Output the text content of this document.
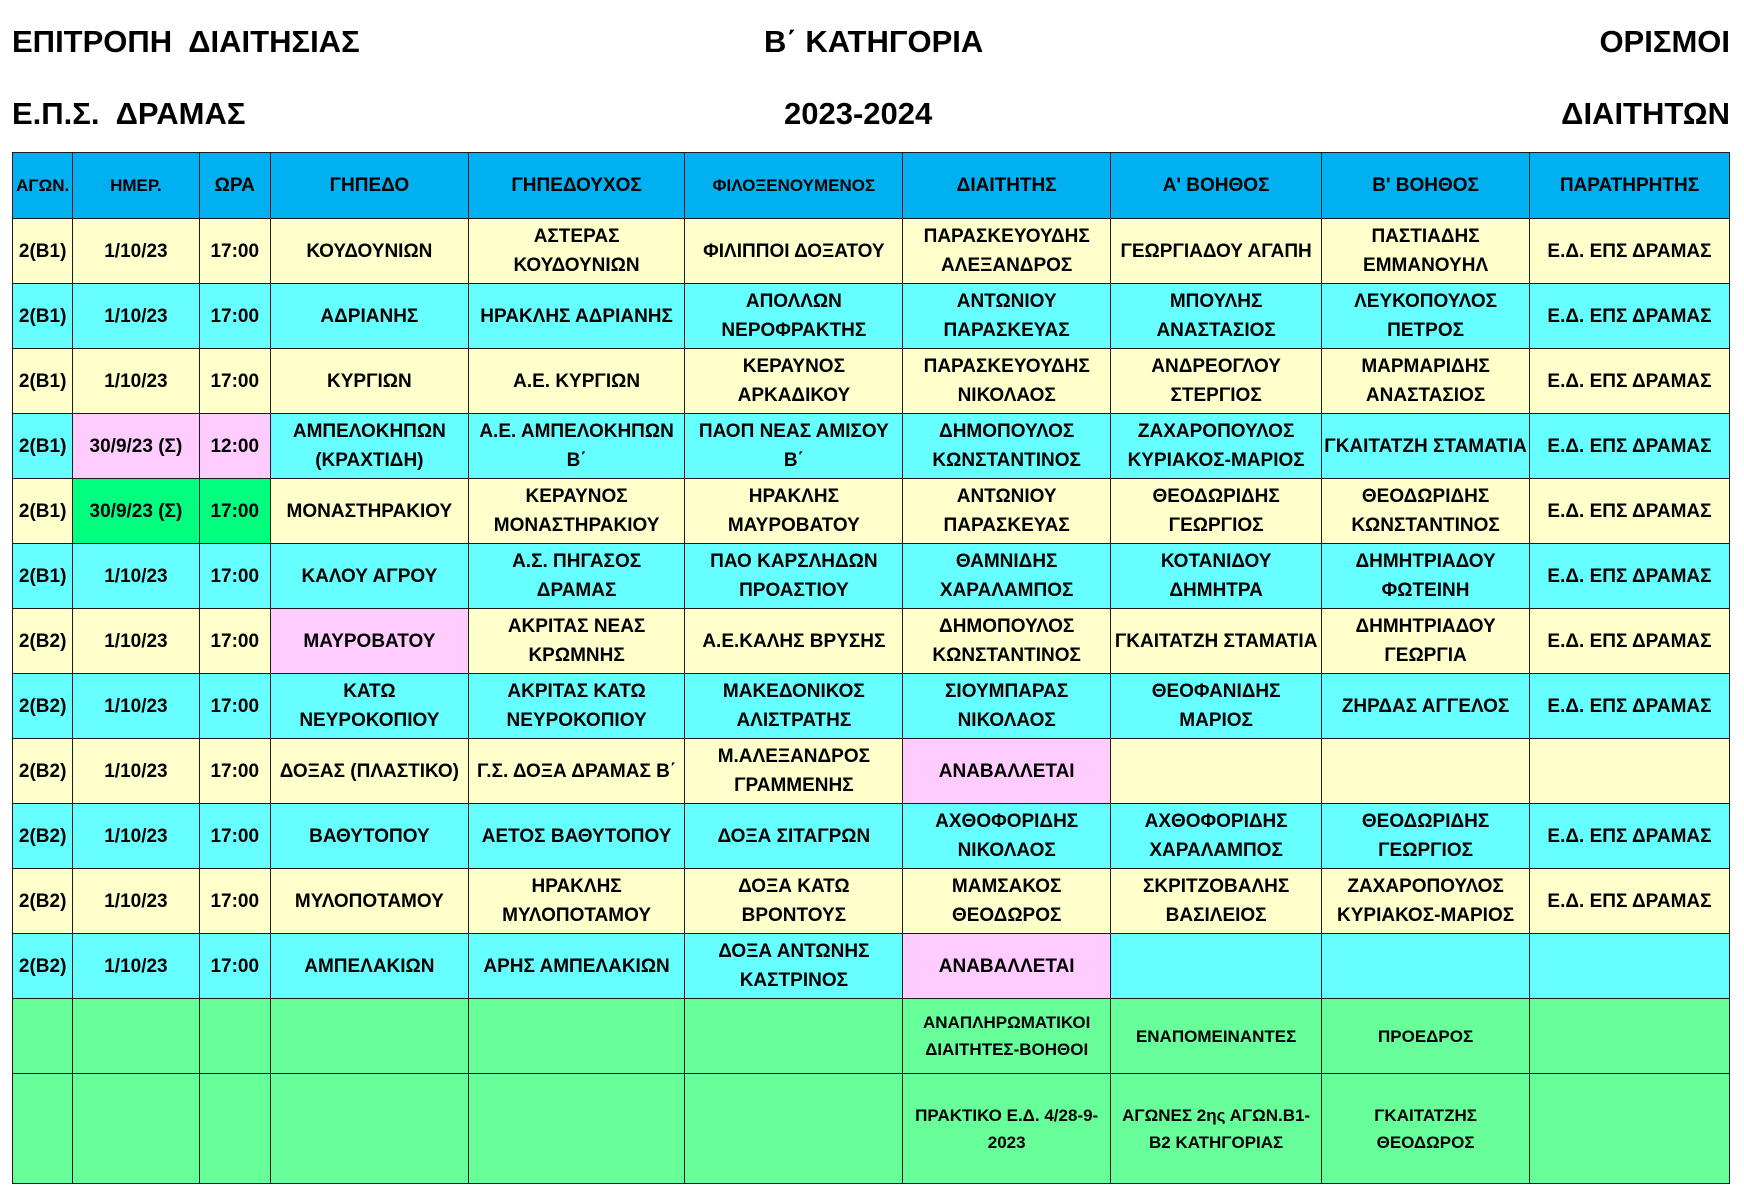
ΕΠΙΤΡΟΠΗ  ΔΙΑΙΤΗΣΙΑΣ
Ε.Π.Σ.  ΔΡΑΜΑΣ
Β΄ ΚΑΤΗΓΟΡΙΑ
2023-2024
ΟΡΙΣΜΟΙ
ΔΙΑΙΤΗΤΩΝ
ΑΓΩΝ.	ΗΜΕΡ.	ΩΡΑ	ΓΗΠΕΔΟ	ΓΗΠΕΔΟΥΧΟΣ	ΦΙΛΟΞΕΝΟΥΜΕΝΟΣ	ΔΙΑΙΤΗΤΗΣ	Α' ΒΟΗΘΟΣ	Β' ΒΟΗΘΟΣ	ΠΑΡΑΤΗΡΗΤΗΣ
2(Β1)	1/10/23	17:00	ΚΟΥΔΟΥΝΙΩΝ	ΑΣΤΕΡΑΣ ΚΟΥΔΟΥΝΙΩΝ	ΦΙΛΙΠΠΟΙ ΔΟΞΑΤΟΥ	ΠΑΡΑΣΚΕΥΟΥΔΗΣ ΑΛΕΞΑΝΔΡΟΣ	ΓΕΩΡΓΙΑΔΟΥ ΑΓΑΠΗ	ΠΑΣΤΙΑΔΗΣ ΕΜΜΑΝΟΥΗΛ	Ε.Δ. ΕΠΣ ΔΡΑΜΑΣ
2(Β1)	1/10/23	17:00	ΑΔΡΙΑΝΗΣ	ΗΡΑΚΛΗΣ ΑΔΡΙΑΝΗΣ	ΑΠΟΛΛΩΝ ΝΕΡΟΦΡΑΚΤΗΣ	ΑΝΤΩΝΙΟΥ ΠΑΡΑΣΚΕΥΑΣ	ΜΠΟΥΛΗΣ ΑΝΑΣΤΑΣΙΟΣ	ΛΕΥΚΟΠΟΥΛΟΣ ΠΕΤΡΟΣ	Ε.Δ. ΕΠΣ ΔΡΑΜΑΣ
2(Β1)	1/10/23	17:00	ΚΥΡΓΙΩΝ	Α.Ε. ΚΥΡΓΙΩΝ	ΚΕΡΑΥΝΟΣ ΑΡΚΑΔΙΚΟΥ	ΠΑΡΑΣΚΕΥΟΥΔΗΣ ΝΙΚΟΛΑΟΣ	ΑΝΔΡΕΟΓΛΟΥ ΣΤΕΡΓΙΟΣ	ΜΑΡΜΑΡΙΔΗΣ ΑΝΑΣΤΑΣΙΟΣ	Ε.Δ. ΕΠΣ ΔΡΑΜΑΣ
2(Β1)	30/9/23 (Σ)	12:00	ΑΜΠΕΛΟΚΗΠΩΝ (ΚΡΑΧΤΙΔΗ)	Α.Ε. ΑΜΠΕΛΟΚΗΠΩΝ Β΄	ΠΑΟΠ ΝΕΑΣ ΑΜΙΣΟΥ Β΄	ΔΗΜΟΠΟΥΛΟΣ ΚΩΝΣΤΑΝΤΙΝΟΣ	ΖΑΧΑΡΟΠΟΥΛΟΣ ΚΥΡΙΑΚΟΣ-ΜΑΡΙΟΣ	ΓΚΑΙΤΑΤΖΗ ΣΤΑΜΑΤΙΑ	Ε.Δ. ΕΠΣ ΔΡΑΜΑΣ
2(Β1)	30/9/23 (Σ)	17:00	ΜΟΝΑΣΤΗΡΑΚΙΟΥ	ΚΕΡΑΥΝΟΣ ΜΟΝΑΣΤΗΡΑΚΙΟΥ	ΗΡΑΚΛΗΣ ΜΑΥΡΟΒΑΤΟΥ	ΑΝΤΩΝΙΟΥ ΠΑΡΑΣΚΕΥΑΣ	ΘΕΟΔΩΡΙΔΗΣ ΓΕΩΡΓΙΟΣ	ΘΕΟΔΩΡΙΔΗΣ ΚΩΝΣΤΑΝΤΙΝΟΣ	Ε.Δ. ΕΠΣ ΔΡΑΜΑΣ
2(Β1)	1/10/23	17:00	ΚΑΛΟΥ ΑΓΡΟΥ	Α.Σ. ΠΗΓΑΣΟΣ ΔΡΑΜΑΣ	ΠΑΟ ΚΑΡΣΛΗΔΩΝ ΠΡΟΑΣΤΙΟΥ	ΘΑΜΝΙΔΗΣ ΧΑΡΑΛΑΜΠΟΣ	ΚΟΤΑΝΙΔΟΥ ΔΗΜΗΤΡΑ	ΔΗΜΗΤΡΙΑΔΟΥ ΦΩΤΕΙΝΗ	Ε.Δ. ΕΠΣ ΔΡΑΜΑΣ
2(Β2)	1/10/23	17:00	ΜΑΥΡΟΒΑΤΟΥ	ΑΚΡΙΤΑΣ ΝΕΑΣ ΚΡΩΜΝΗΣ	Α.Ε.ΚΑΛΗΣ ΒΡΥΣΗΣ	ΔΗΜΟΠΟΥΛΟΣ ΚΩΝΣΤΑΝΤΙΝΟΣ	ΓΚΑΙΤΑΤΖΗ ΣΤΑΜΑΤΙΑ	ΔΗΜΗΤΡΙΑΔΟΥ ΓΕΩΡΓΙΑ	Ε.Δ. ΕΠΣ ΔΡΑΜΑΣ
2(Β2)	1/10/23	17:00	ΚΑΤΩ ΝΕΥΡΟΚΟΠΙΟΥ	ΑΚΡΙΤΑΣ ΚΑΤΩ ΝΕΥΡΟΚΟΠΙΟΥ	ΜΑΚΕΔΟΝΙΚΟΣ ΑΛΙΣΤΡΑΤΗΣ	ΣΙΟΥΜΠΑΡΑΣ ΝΙΚΟΛΑΟΣ	ΘΕΟΦΑΝΙΔΗΣ ΜΑΡΙΟΣ	ΖΗΡΔΑΣ ΑΓΓΕΛΟΣ	Ε.Δ. ΕΠΣ ΔΡΑΜΑΣ
2(Β2)	1/10/23	17:00	ΔΟΞΑΣ (ΠΛΑΣΤΙΚΟ)	Γ.Σ. ΔΟΞΑ ΔΡΑΜΑΣ Β΄	Μ.ΑΛΕΞΑΝΔΡΟΣ ΓΡΑΜΜΕΝΗΣ	ΑΝΑΒΑΛΛΕΤΑΙ			
2(Β2)	1/10/23	17:00	ΒΑΘΥΤΟΠΟΥ	ΑΕΤΟΣ ΒΑΘΥΤΟΠΟΥ	ΔΟΞΑ ΣΙΤΑΓΡΩΝ	ΑΧΘΟΦΟΡΙΔΗΣ ΝΙΚΟΛΑΟΣ	ΑΧΘΟΦΟΡΙΔΗΣ ΧΑΡΑΛΑΜΠΟΣ	ΘΕΟΔΩΡΙΔΗΣ ΓΕΩΡΓΙΟΣ	Ε.Δ. ΕΠΣ ΔΡΑΜΑΣ
2(Β2)	1/10/23	17:00	ΜΥΛΟΠΟΤΑΜΟΥ	ΗΡΑΚΛΗΣ ΜΥΛΟΠΟΤΑΜΟΥ	ΔΟΞΑ ΚΑΤΩ ΒΡΟΝΤΟΥΣ	ΜΑΜΣΑΚΟΣ ΘΕΟΔΩΡΟΣ	ΣΚΡΙΤΖΟΒΑΛΗΣ ΒΑΣΙΛΕΙΟΣ	ΖΑΧΑΡΟΠΟΥΛΟΣ ΚΥΡΙΑΚΟΣ-ΜΑΡΙΟΣ	Ε.Δ. ΕΠΣ ΔΡΑΜΑΣ
2(Β2)	1/10/23	17:00	ΑΜΠΕΛΑΚΙΩΝ	ΑΡΗΣ ΑΜΠΕΛΑΚΙΩΝ	ΔΟΞΑ ΑΝΤΩΝΗΣ ΚΑΣΤΡΙΝΟΣ	ΑΝΑΒΑΛΛΕΤΑΙ			
						ΑΝΑΠΛΗΡΩΜΑΤΙΚΟΙ ΔΙΑΙΤΗΤΕΣ-ΒΟΗΘΟΙ	ΕΝΑΠΟΜΕΙΝΑΝΤΕΣ	ΠΡΟΕΔΡΟΣ	
						ΠΡΑΚΤΙΚΟ Ε.Δ. 4/28-9-2023	ΑΓΩΝΕΣ 2ης ΑΓΩΝ.Β1-Β2 ΚΑΤΗΓΟΡΙΑΣ	ΓΚΑΙΤΑΤΖΗΣ ΘΕΟΔΩΡΟΣ	
